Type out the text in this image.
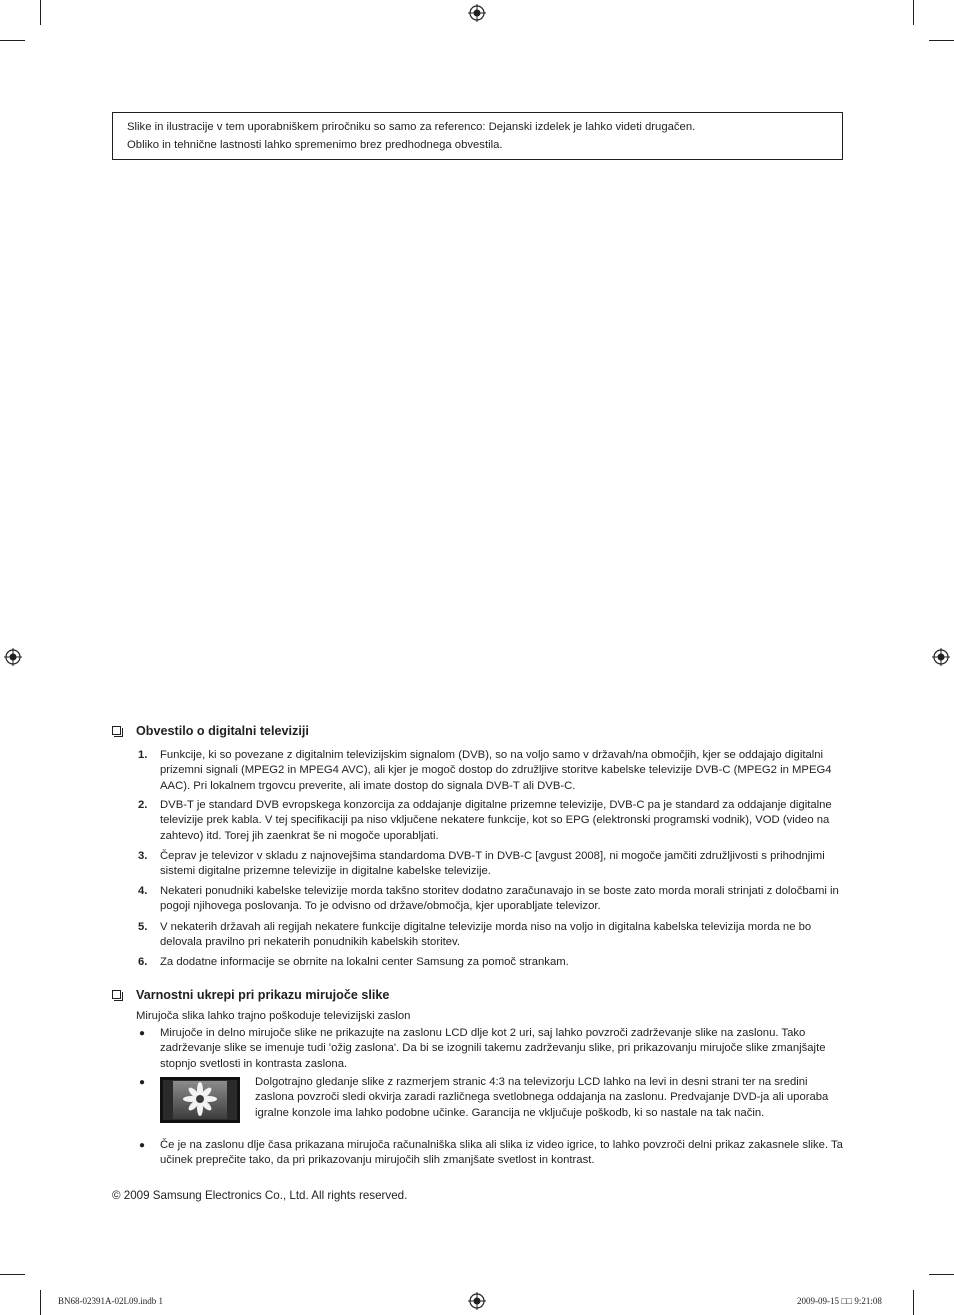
Slike in ilustracije v tem uporabniškem priročniku so samo za referenco: Dejanski izdelek je lahko videti drugačen.

Obliko in tehnične lastnosti lahko spremenimo brez predhodnega obvestila.

Obvestilo o digitalni televiziji
1. Funkcije, ki so povezane z digitalnim televizijskim signalom (DVB), so na voljo samo v državah/na območjih, kjer se oddajajo digitalni prizemni signali (MPEG2 in MPEG4 AVC), ali kjer je mogoč dostop do združljive storitve kabelske televizije DVB-C (MPEG2 in MPEG4 AAC). Pri lokalnem trgovcu preverite, ali imate dostop do signala DVB-T ali DVB-C.
2. DVB-T je standard DVB evropskega konzorcija za oddajanje digitalne prizemne televizije, DVB-C pa je standard za oddajanje digitalne televizije prek kabla. V tej specifikaciji pa niso vključene nekatere funkcije, kot so EPG (elektronski programski vodnik), VOD (video na zahtevo) itd. Torej jih zaenkrat še ni mogoče uporabljati.
3. Čeprav je televizor v skladu z najnovejšima standardoma DVB-T in DVB-C [avgust 2008], ni mogoče jamčiti združljivosti s prihodnjimi sistemi digitalne prizemne televizije in digitalne kabelske televizije.
4. Nekateri ponudniki kabelske televizije morda takšno storitev dodatno zaračunavajo in se boste zato morda morali strinjati z določbami in pogoji njihovega poslovanja. To je odvisno od države/območja, kjer uporabljate televizor.
5. V nekaterih državah ali regijah nekatere funkcije digitalne televizije morda niso na voljo in digitalna kabelska televizija morda ne bo delovala pravilno pri nekaterih ponudnikih kabelskih storitev.
6. Za dodatne informacije se obrnite na lokalni center Samsung za pomoč strankam.
Varnostni ukrepi pri prikazu mirujoče slike
Mirujoča slika lahko trajno poškoduje televizijski zaslon
● Mirujoče in delno mirujoče slike ne prikazujte na zaslonu LCD dlje kot 2 uri, saj lahko povzroči zadrževanje slike na zaslonu. Tako zadrževanje slike se imenuje tudi 'ožig zaslona'. Da bi se izognili takemu zadrževanju slike, pri prikazovanju mirujoče slike zmanjšajte stopnjo svetlosti in kontrasta zaslona.
●	Dolgotrajno gledanje slike z razmerjem stranic 4:3 na televizorju LCD lahko na levi in desni strani ter na sredini zaslona povzroči sledi okvirja zaradi različnega svetlobnega oddajanja na zaslonu. Predvajanje DVD-ja ali uporaba igralne konzole ima lahko podobne učinke. Garancija ne vključuje poškodb, ki so nastale na tak način.
● Če je na zaslonu dlje časa prikazana mirujoča računalniška slika ali slika iz video igrice, to lahko povzroči delni prikaz zakasnele slike. Ta učinek preprečite tako, da pri prikazovanju mirujočih slih zmanjšate svetlost in kontrast.
© 2009 Samsung Electronics Co., Ltd. All rights reserved.
BN68-02391A-02L09.indb 1	2009-09-15 □□ 9:21:08
